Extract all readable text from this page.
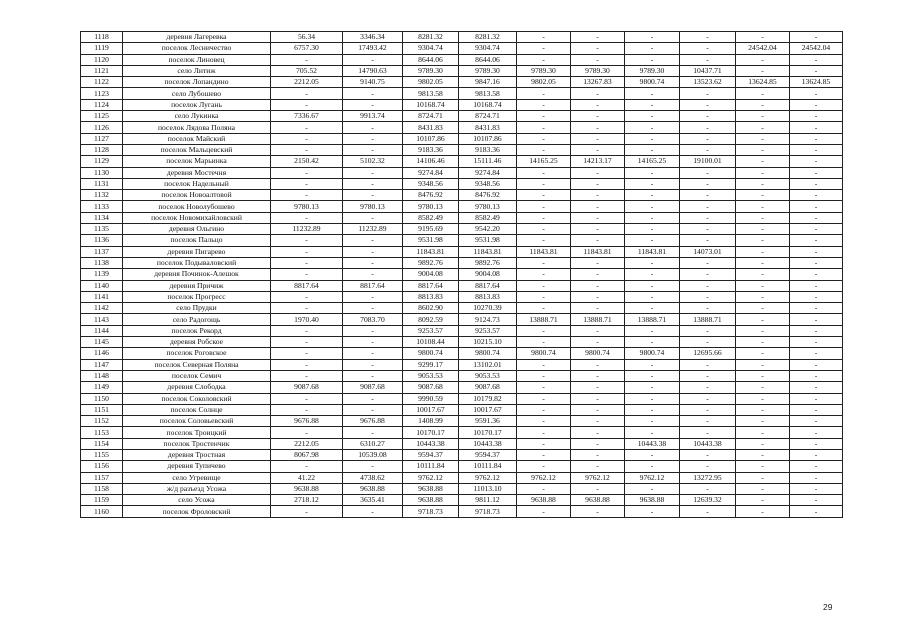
1118	деревня Лагеревка	56.34	3346.34	8281.32	8281.32	-	-	-	-	-	-
1119	поселок Лесничество	6757.30	17493.42	9304.74	9304.74	-	-	-	-	24542.04	24542.04
1120	поселок Линовец	-	-	8644.06	8644.06	-	-	-	-	-	-
1121	село Литиж	705.52	14790.63	9789.30	9789.30	9789.30	9789.30	9789.30	10437.71	-	-
1122	поселок Лопандино	2212.05	9140.75	9802.05	9847.16	9802.05	13267.83	9800.74	13523.62	13624.85	13624.85
1123	село Лубошево	-	-	9813.58	9813.58	-	-	-	-	-	-
1124	поселок Лугань	-	-	10168.74	10168.74	-	-	-	-	-	-
1125	село Лукинка	7336.67	9913.74	8724.71	8724.71	-	-	-	-	-	-
1126	поселок Лядова Поляна	-	-	8431.83	8431.83	-	-	-	-	-	-
1127	поселок Майский	-	-	10107.86	10107.86	-	-	-	-	-	-
1128	поселок Мальцевский	-	-	9183.36	9183.36	-	-	-	-	-	-
1129	поселок Марьинка	2150.42	5102.32	14106.46	15111.46	14165.25	14213.17	14165.25	19100.01	-	-
1130	деревня Мостечня	-	-	9274.84	9274.84	-	-	-	-	-	-
1131	поселок Надельный	-	-	9348.56	9348.56	-	-	-	-	-	-
1132	поселок Новоалтовой	-	-	8476.92	8476.92	-	-	-	-	-	-
1133	поселок Новолубошево	9780.13	9780.13	9780.13	9780.13	-	-	-	-	-	-
1134	поселок Новомихайловский	-	-	8582.49	8582.49	-	-	-	-	-	-
1135	деревня Ольгино	11232.89	11232.89	9195.69	9542.20	-	-	-	-	-	-
1136	поселок Пальцо	-	-	9531.98	9531.98	-	-	-	-	-	-
1137	деревня Пигарево	-	-	11843.81	11843.81	11843.81	11843.81	11843.81	14073.01	-	-
1138	поселок Подываловский	-	-	9892.76	9892.76	-	-	-	-	-	-
1139	деревня Починок-Алешок	-	-	9004.08	9004.08	-	-	-	-	-	-
1140	деревня Причиж	8817.64	8817.64	8817.64	8817.64	-	-	-	-	-	-
1141	поселок Прогресс	-	-	8813.83	8813.83	-	-	-	-	-	-
1142	село Прудки	-	-	8602.90	10270.39	-	-	-	-	-	-
1143	село Радогощь	1970.40	7083.70	8092.59	9124.73	13888.71	13888.71	13888.71	13888.71	-	-
1144	поселок Рекорд	-	-	9253.57	9253.57	-	-	-	-	-	-
1145	деревня Робское	-	-	10108.44	10215.10	-	-	-	-	-	-
1146	поселок Роговское	-	-	9800.74	9800.74	9800.74	9800.74	9800.74	12695.66	-	-
1147	поселок Северная Поляна	-	-	9299.17	13102.01	-	-	-	-	-	-
1148	поселок Семич	-	-	9053.53	9053.53	-	-	-	-	-	-
1149	деревня Слободка	9087.68	9087.68	9087.68	9087.68	-	-	-	-	-	-
1150	поселок Соколовский	-	-	9990.59	10179.82	-	-	-	-	-	-
1151	поселок Солнце	-	-	10017.67	10017.67	-	-	-	-	-	-
1152	поселок Соловьевский	9676.88	9676.88	1408.99	9591.36	-	-	-	-	-	-
1153	поселок Троицкий	-	-	10170.17	10170.17	-	-	-	-	-	-
1154	поселок Тростенчик	2212.05	6310.27	10443.38	10443.38	-	-	10443.38	10443.38	-	-
1155	деревня Тростная	8067.98	10539.08	9594.37	9594.37	-	-	-	-	-	-
1156	деревня Тупичево	-	-	10111.84	10111.84	-	-	-	-	-	-
1157	село Угревище	41.22	4738.62	9762.12	9762.12	9762.12	9762.12	9762.12	13272.95	-	-
1158	ж/д разъезд Усожа	9638.88	9638.88	9638.88	11013.10	-	-	-	-	-	-
1159	село Усожа	2718.12	3635.41	9638.88	9811.12	9638.88	9638.88	9638.88	12639.32	-	-
1160	поселок Фроловский	-	-	9718.73	9718.73	-	-	-	-	-	-
29
